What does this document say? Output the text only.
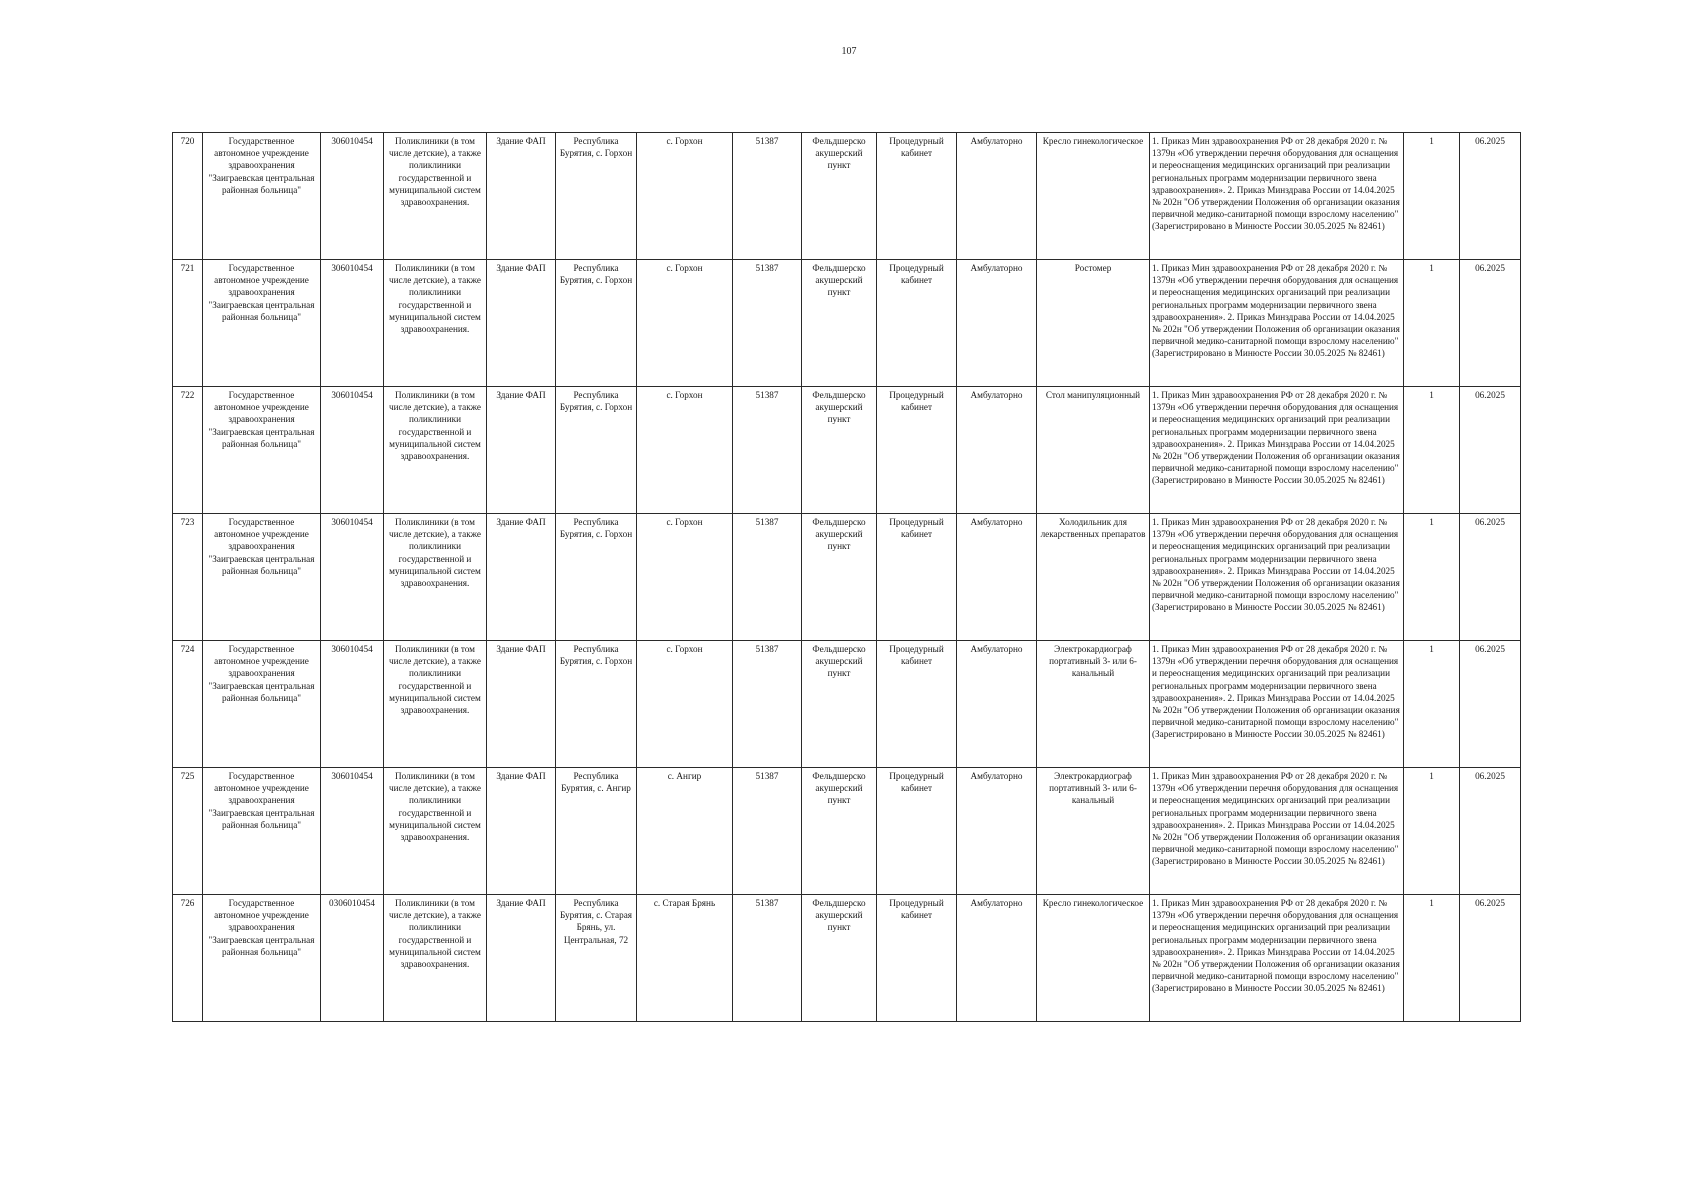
107
720	Государственное автономное учреждение здравоохранения "Заиграевская центральная районная больница"	306010454	Поликлиники (в том числе детские), а также поликлиники государственной и муниципальной систем здравоохранения.	Здание ФАП	Республика Бурятия, с. Горхон	с. Горхон	51387	Фельдшерско акушерский пункт	Процедурный кабинет	Амбулаторно	Кресло гинекологическое	1. Приказ Мин здравоохранения РФ от 28 декабря 2020 г. № 1379н «Об утверждении перечня оборудования для оснащения и переоснащения медицинских организаций при реализации региональных программ модернизации первичного звена здравоохранения». 2. Приказ Минздрава России от 14.04.2025 № 202н "Об утверждении Положения об организации оказания первичной медико-санитарной помощи взрослому населению" (Зарегистрировано в Минюсте России 30.05.2025 № 82461)	1	06.2025
721	Государственное автономное учреждение здравоохранения "Заиграевская центральная районная больница"	306010454	Поликлиники (в том числе детские), а также поликлиники государственной и муниципальной систем здравоохранения.	Здание ФАП	Республика Бурятия, с. Горхон	с. Горхон	51387	Фельдшерско акушерский пункт	Процедурный кабинет	Амбулаторно	Ростомер	1. Приказ Мин здравоохранения РФ от 28 декабря 2020 г. № 1379н «Об утверждении перечня оборудования для оснащения и переоснащения медицинских организаций при реализации региональных программ модернизации первичного звена здравоохранения». 2. Приказ Минздрава России от 14.04.2025 № 202н "Об утверждении Положения об организации оказания первичной медико-санитарной помощи взрослому населению" (Зарегистрировано в Минюсте России 30.05.2025 № 82461)	1	06.2025
722	Государственное автономное учреждение здравоохранения "Заиграевская центральная районная больница"	306010454	Поликлиники (в том числе детские), а также поликлиники государственной и муниципальной систем здравоохранения.	Здание ФАП	Республика Бурятия, с. Горхон	с. Горхон	51387	Фельдшерско акушерский пункт	Процедурный кабинет	Амбулаторно	Стол манипуляционный	1. Приказ Мин здравоохранения РФ от 28 декабря 2020 г. № 1379н «Об утверждении перечня оборудования для оснащения и переоснащения медицинских организаций при реализации региональных программ модернизации первичного звена здравоохранения». 2. Приказ Минздрава России от 14.04.2025 № 202н "Об утверждении Положения об организации оказания первичной медико-санитарной помощи взрослому населению" (Зарегистрировано в Минюсте России 30.05.2025 № 82461)	1	06.2025
723	Государственное автономное учреждение здравоохранения "Заиграевская центральная районная больница"	306010454	Поликлиники (в том числе детские), а также поликлиники государственной и муниципальной систем здравоохранения.	Здание ФАП	Республика Бурятия, с. Горхон	с. Горхон	51387	Фельдшерско акушерский пункт	Процедурный кабинет	Амбулаторно	Холодильник для лекарственных препаратов	1. Приказ Мин здравоохранения РФ от 28 декабря 2020 г. № 1379н «Об утверждении перечня оборудования для оснащения и переоснащения медицинских организаций при реализации региональных программ модернизации первичного звена здравоохранения». 2. Приказ Минздрава России от 14.04.2025 № 202н "Об утверждении Положения об организации оказания первичной медико-санитарной помощи взрослому населению" (Зарегистрировано в Минюсте России 30.05.2025 № 82461)	1	06.2025
724	Государственное автономное учреждение здравоохранения "Заиграевская центральная районная больница"	306010454	Поликлиники (в том числе детские), а также поликлиники государственной и муниципальной систем здравоохранения.	Здание ФАП	Республика Бурятия, с. Горхон	с. Горхон	51387	Фельдшерско акушерский пункт	Процедурный кабинет	Амбулаторно	Электрокардиограф портативный 3- или 6-канальный	1. Приказ Мин здравоохранения РФ от 28 декабря 2020 г. № 1379н «Об утверждении перечня оборудования для оснащения и переоснащения медицинских организаций при реализации региональных программ модернизации первичного звена здравоохранения». 2. Приказ Минздрава России от 14.04.2025 № 202н "Об утверждении Положения об организации оказания первичной медико-санитарной помощи взрослому населению" (Зарегистрировано в Минюсте России 30.05.2025 № 82461)	1	06.2025
725	Государственное автономное учреждение здравоохранения "Заиграевская центральная районная больница"	306010454	Поликлиники (в том числе детские), а также поликлиники государственной и муниципальной систем здравоохранения.	Здание ФАП	Республика Бурятия, с. Ангир	с. Ангир	51387	Фельдшерско акушерский пункт	Процедурный кабинет	Амбулаторно	Электрокардиограф портативный 3- или 6-канальный	1. Приказ Мин здравоохранения РФ от 28 декабря 2020 г. № 1379н «Об утверждении перечня оборудования для оснащения и переоснащения медицинских организаций при реализации региональных программ модернизации первичного звена здравоохранения». 2. Приказ Минздрава России от 14.04.2025 № 202н "Об утверждении Положения об организации оказания первичной медико-санитарной помощи взрослому населению" (Зарегистрировано в Минюсте России 30.05.2025 № 82461)	1	06.2025
726	Государственное автономное учреждение здравоохранения "Заиграевская центральная районная больница"	0306010454	Поликлиники (в том числе детские), а также поликлиники государственной и муниципальной систем здравоохранения.	Здание ФАП	Республика Бурятия, с. Старая Брянь, ул. Центральная, 72	с. Старая Брянь	51387	Фельдшерско акушерский пункт	Процедурный кабинет	Амбулаторно	Кресло гинекологическое	1. Приказ Мин здравоохранения РФ от 28 декабря 2020 г. № 1379н «Об утверждении перечня оборудования для оснащения и переоснащения медицинских организаций при реализации региональных программ модернизации первичного звена здравоохранения». 2. Приказ Минздрава России от 14.04.2025 № 202н "Об утверждении Положения об организации оказания первичной медико-санитарной помощи взрослому населению" (Зарегистрировано в Минюсте России 30.05.2025 № 82461)	1	06.2025
